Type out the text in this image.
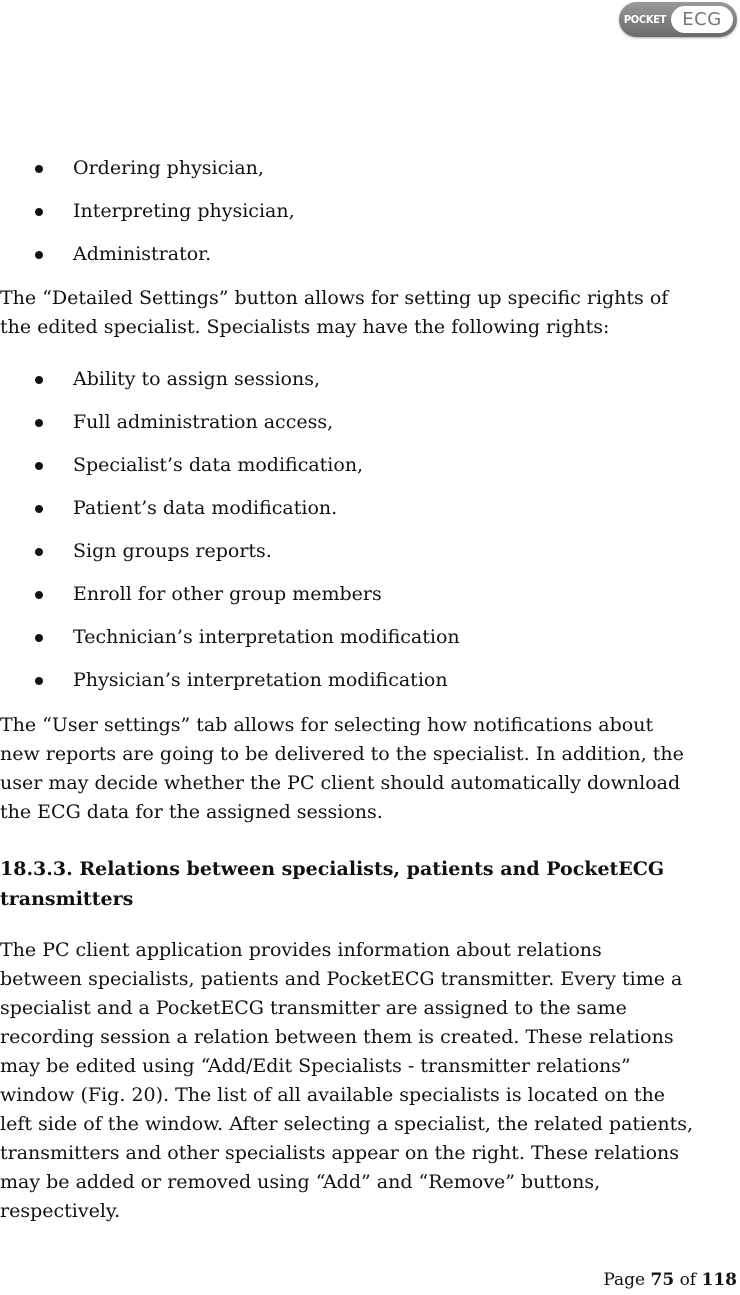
POCKET ECG
Ordering physician,
Interpreting physician,
Administrator.

The “Detailed Settings” button allows for setting up specific rights of
the edited specialist. Specialists may have the following rights:

Ability to assign sessions,
Full administration access,
Specialist’s data modification,
Patient’s data modification.
Sign groups reports.
Enroll for other group members
Technician’s interpretation modification
Physician’s interpretation modification

The “User settings” tab allows for selecting how notifications about
new reports are going to be delivered to the specialist. In addition, the
user may decide whether the PC client should automatically download
the ECG data for the assigned sessions.

18.3.3. Relations between specialists, patients and PocketECG
transmitters

The PC client application provides information about relations
between specialists, patients and PocketECG transmitter. Every time a
specialist and a PocketECG transmitter are assigned to the same
recording session a relation between them is created. These relations
may be edited using “Add/Edit Specialists - transmitter relations”
window (Fig. 20). The list of all available specialists is located on the
left side of the window. After selecting a specialist, the related patients,
transmitters and other specialists appear on the right. These relations
may be added or removed using “Add” and “Remove” buttons,
respectively.

Page 75 of 118
